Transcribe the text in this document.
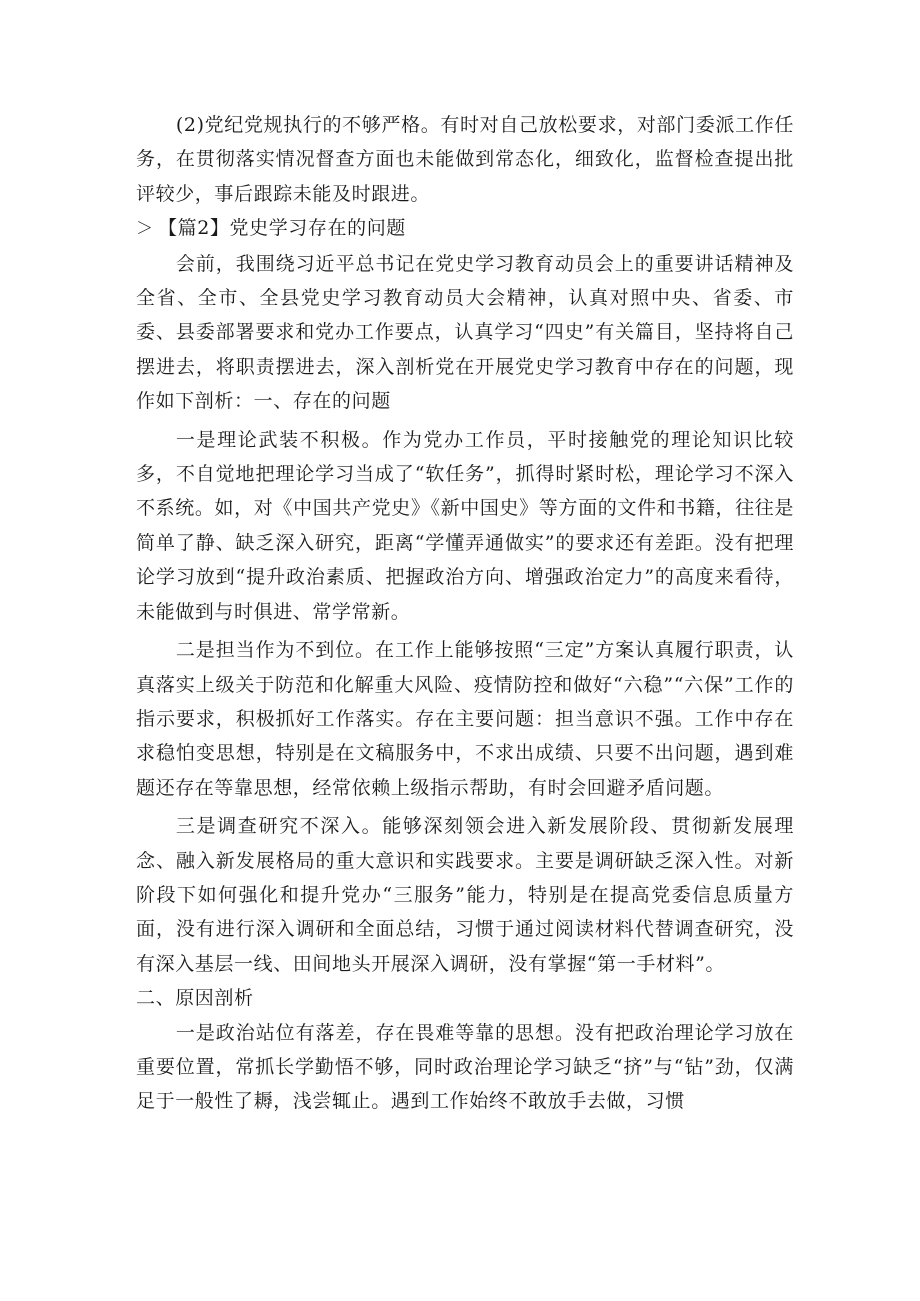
(2)党纪党规执行的不够严格。有时对自己放松要求，对部门委派工作任务，在贯彻落实情况督查方面也未能做到常态化，细致化，监督检查提出批评较少，事后跟踪未能及时跟进。

＞ 【篇2】党史学习存在的问题

会前，我围绕习近平总书记在党史学习教育动员会上的重要讲话精神及全省、全市、全县党史学习教育动员大会精神，认真对照中央、省委、市委、县委部署要求和党办工作要点，认真学习“四史”有关篇目，坚持将自己摆进去，将职责摆进去，深入剖析党在开展党史学习教育中存在的问题，现作如下剖析：一、存在的问题

一是理论武装不积极。作为党办工作员，平时接触党的理论知识比较多，不自觉地把理论学习当成了“软任务”，抓得时紧时松，理论学习不深入不系统。如，对《中国共产党史》《新中国史》等方面的文件和书籍，往往是简单了静、缺乏深入研究，距离“学懂弄通做实”的要求还有差距。没有把理论学习放到“提升政治素质、把握政治方向、增强政治定力”的高度来看待，未能做到与时俱进、常学常新。

二是担当作为不到位。在工作上能够按照“三定”方案认真履行职责，认真落实上级关于防范和化解重大风险、疫情防控和做好“六稳”“六保”工作的指示要求，积极抓好工作落实。存在主要问题：担当意识不强。工作中存在求稳怕变思想，特别是在文稿服务中，不求出成绩、只要不出问题，遇到难题还存在等靠思想，经常依赖上级指示帮助，有时会回避矛盾问题。

三是调查研究不深入。能够深刻领会进入新发展阶段、贯彻新发展理念、融入新发展格局的重大意识和实践要求。主要是调研缺乏深入性。对新阶段下如何强化和提升党办“三服务”能力，特别是在提高党委信息质量方面，没有进行深入调研和全面总结，习惯于通过阅读材料代替调查研究，没有深入基层一线、田间地头开展深入调研，没有掌握“第一手材料”。

二、原因剖析

一是政治站位有落差，存在畏难等靠的思想。没有把政治理论学习放在重要位置，常抓长学勤悟不够，同时政治理论学习缺乏“挤”与“钻”劲，仅满足于一般性了耨，浅尝辄止。遇到工作始终不敢放手去做，习惯
